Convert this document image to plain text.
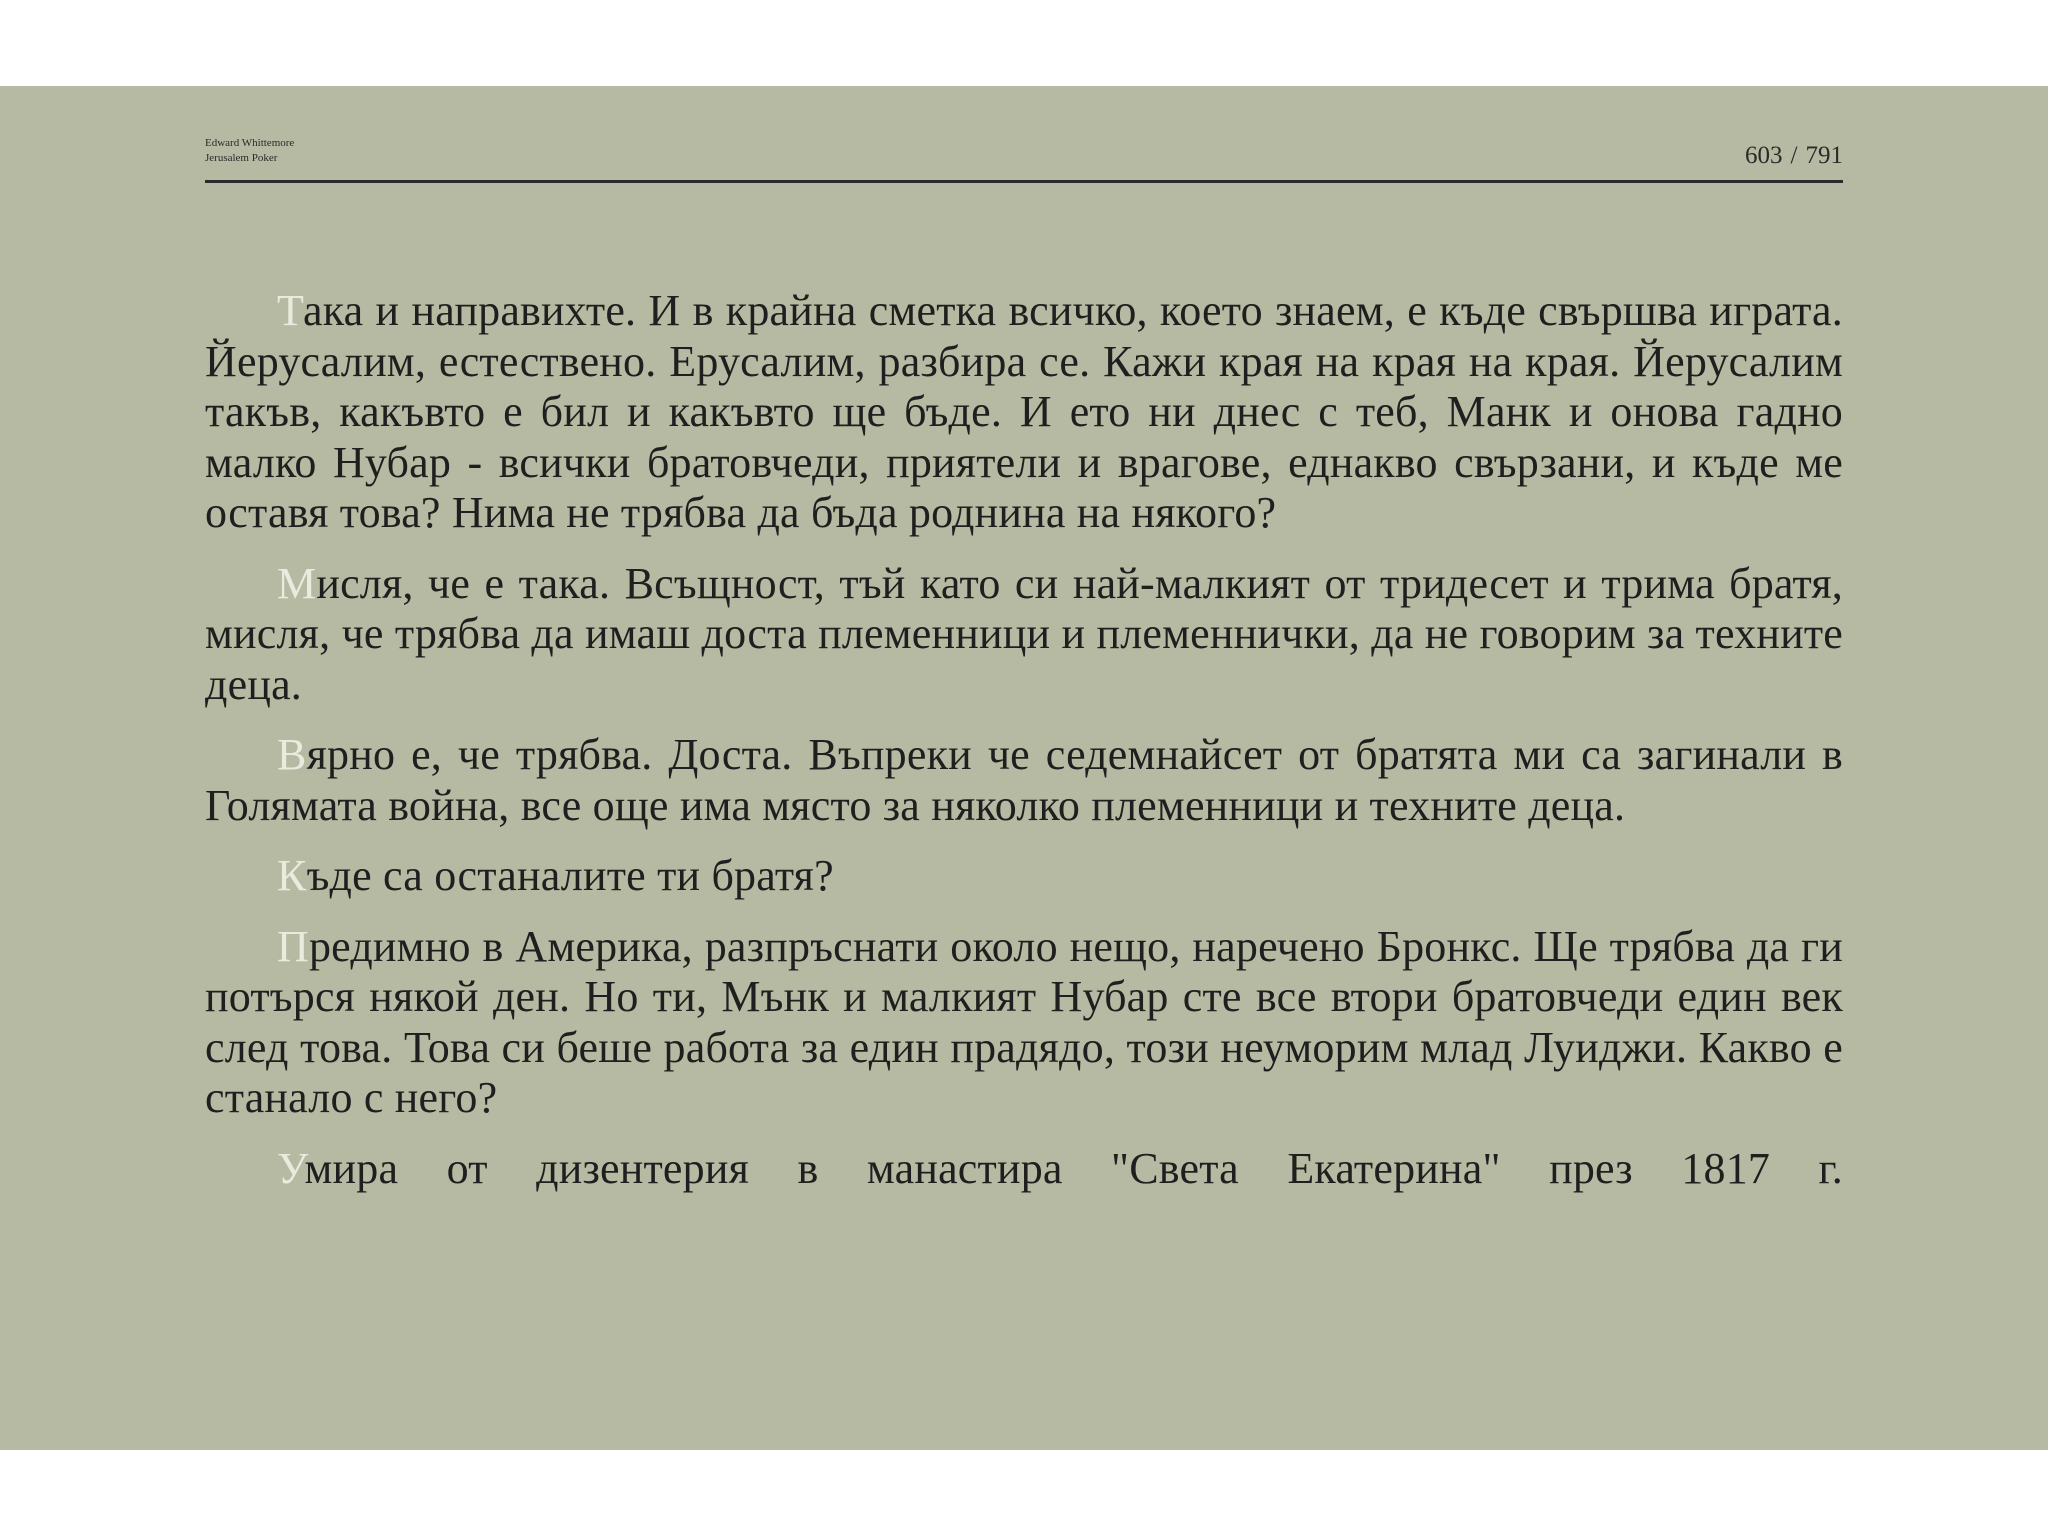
Edward Whittemore
Jerusalem Poker	603 / 791

Така и направихте. И в крайна сметка всичко, което знаем, е къде свършва играта. Йерусалим, естествено. Ерусалим, разбира се. Кажи края на края на края. Йерусалим такъв, какъвто е бил и какъвто ще бъде. И ето ни днес с теб, Манк и онова гадно малко Нубар - всички братовчеди, приятели и врагове, еднакво свързани, и къде ме оставя това? Нима не трябва да бъда роднина на някого?

Мисля, че е така. Всъщност, тъй като си най-малкият от тридесет и трима братя, мисля, че трябва да имаш доста племенници и племеннички, да не говорим за техните деца.

Вярно е, че трябва. Доста. Въпреки че седемнайсет от братята ми са загинали в Голямата война, все още има място за няколко племенници и техните деца.

Къде са останалите ти братя?

Предимно в Америка, разпръснати около нещо, наречено Бронкс. Ще трябва да ги потърся някой ден. Но ти, Мънк и малкият Нубар сте все втори братовчеди един век след това. Това си беше работа за един прадядо, този неуморим млад Луиджи. Какво е станало с него?

Умира от дизентерия в манастира "Света Екатерина" през 1817 г.
